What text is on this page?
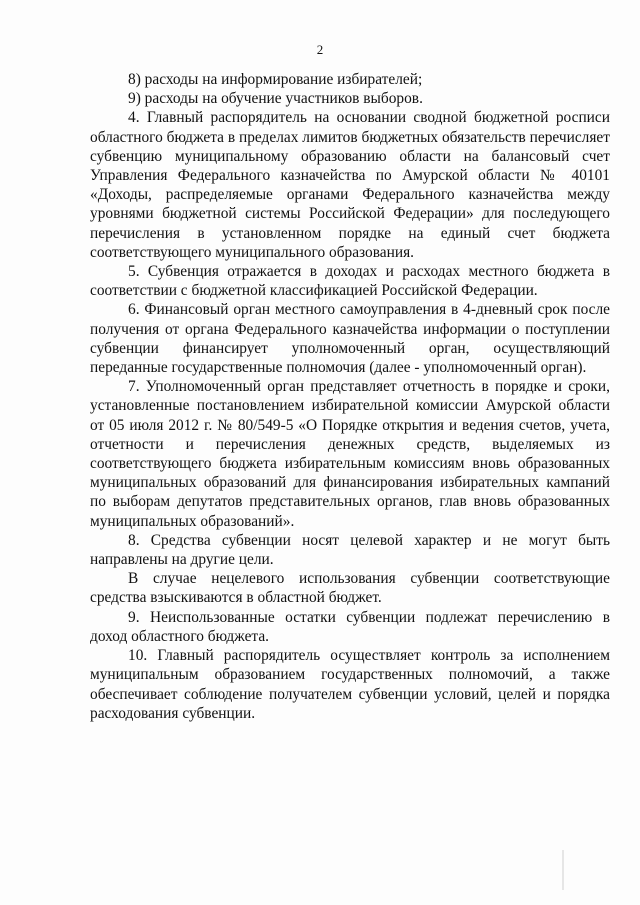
2

8) расходы на информирование избирателей;

9) расходы на обучение участников выборов.

4. Главный распорядитель на основании сводной бюджетной росписи областного бюджета в пределах лимитов бюджетных обязательств перечисляет субвенцию муниципальному образованию области на балансовый счет Управления Федерального казначейства по Амурской области № 40101 «Доходы, распределяемые органами Федерального казначейства между уровнями бюджетной системы Российской Федерации» для последующего перечисления в установленном порядке на единый счет бюджета соответствующего муниципального образования.

5. Субвенция отражается в доходах и расходах местного бюджета в соответствии с бюджетной классификацией Российской Федерации.

6. Финансовый орган местного самоуправления в 4-дневный срок после получения от органа Федерального казначейства информации о поступлении субвенции финансирует уполномоченный орган, осуществляющий переданные государственные полномочия (далее - уполномоченный орган).

7. Уполномоченный орган представляет отчетность в порядке и сроки, установленные постановлением избирательной комиссии Амурской области от 05 июля 2012 г. № 80/549-5 «О Порядке открытия и ведения счетов, учета, отчетности и перечисления денежных средств, выделяемых из соответствующего бюджета избирательным комиссиям вновь образованных муниципальных образований для финансирования избирательных кампаний по выборам депутатов представительных органов, глав вновь образованных муниципальных образований».

8. Средства субвенции носят целевой характер и не могут быть направлены на другие цели.

В случае нецелевого использования субвенции соответствующие средства взыскиваются в областной бюджет.

9. Неиспользованные остатки субвенции подлежат перечислению в доход областного бюджета.

10. Главный распорядитель осуществляет контроль за исполнением муниципальным образованием государственных полномочий, а также обеспечивает соблюдение получателем субвенции условий, целей и порядка расходования субвенции.
